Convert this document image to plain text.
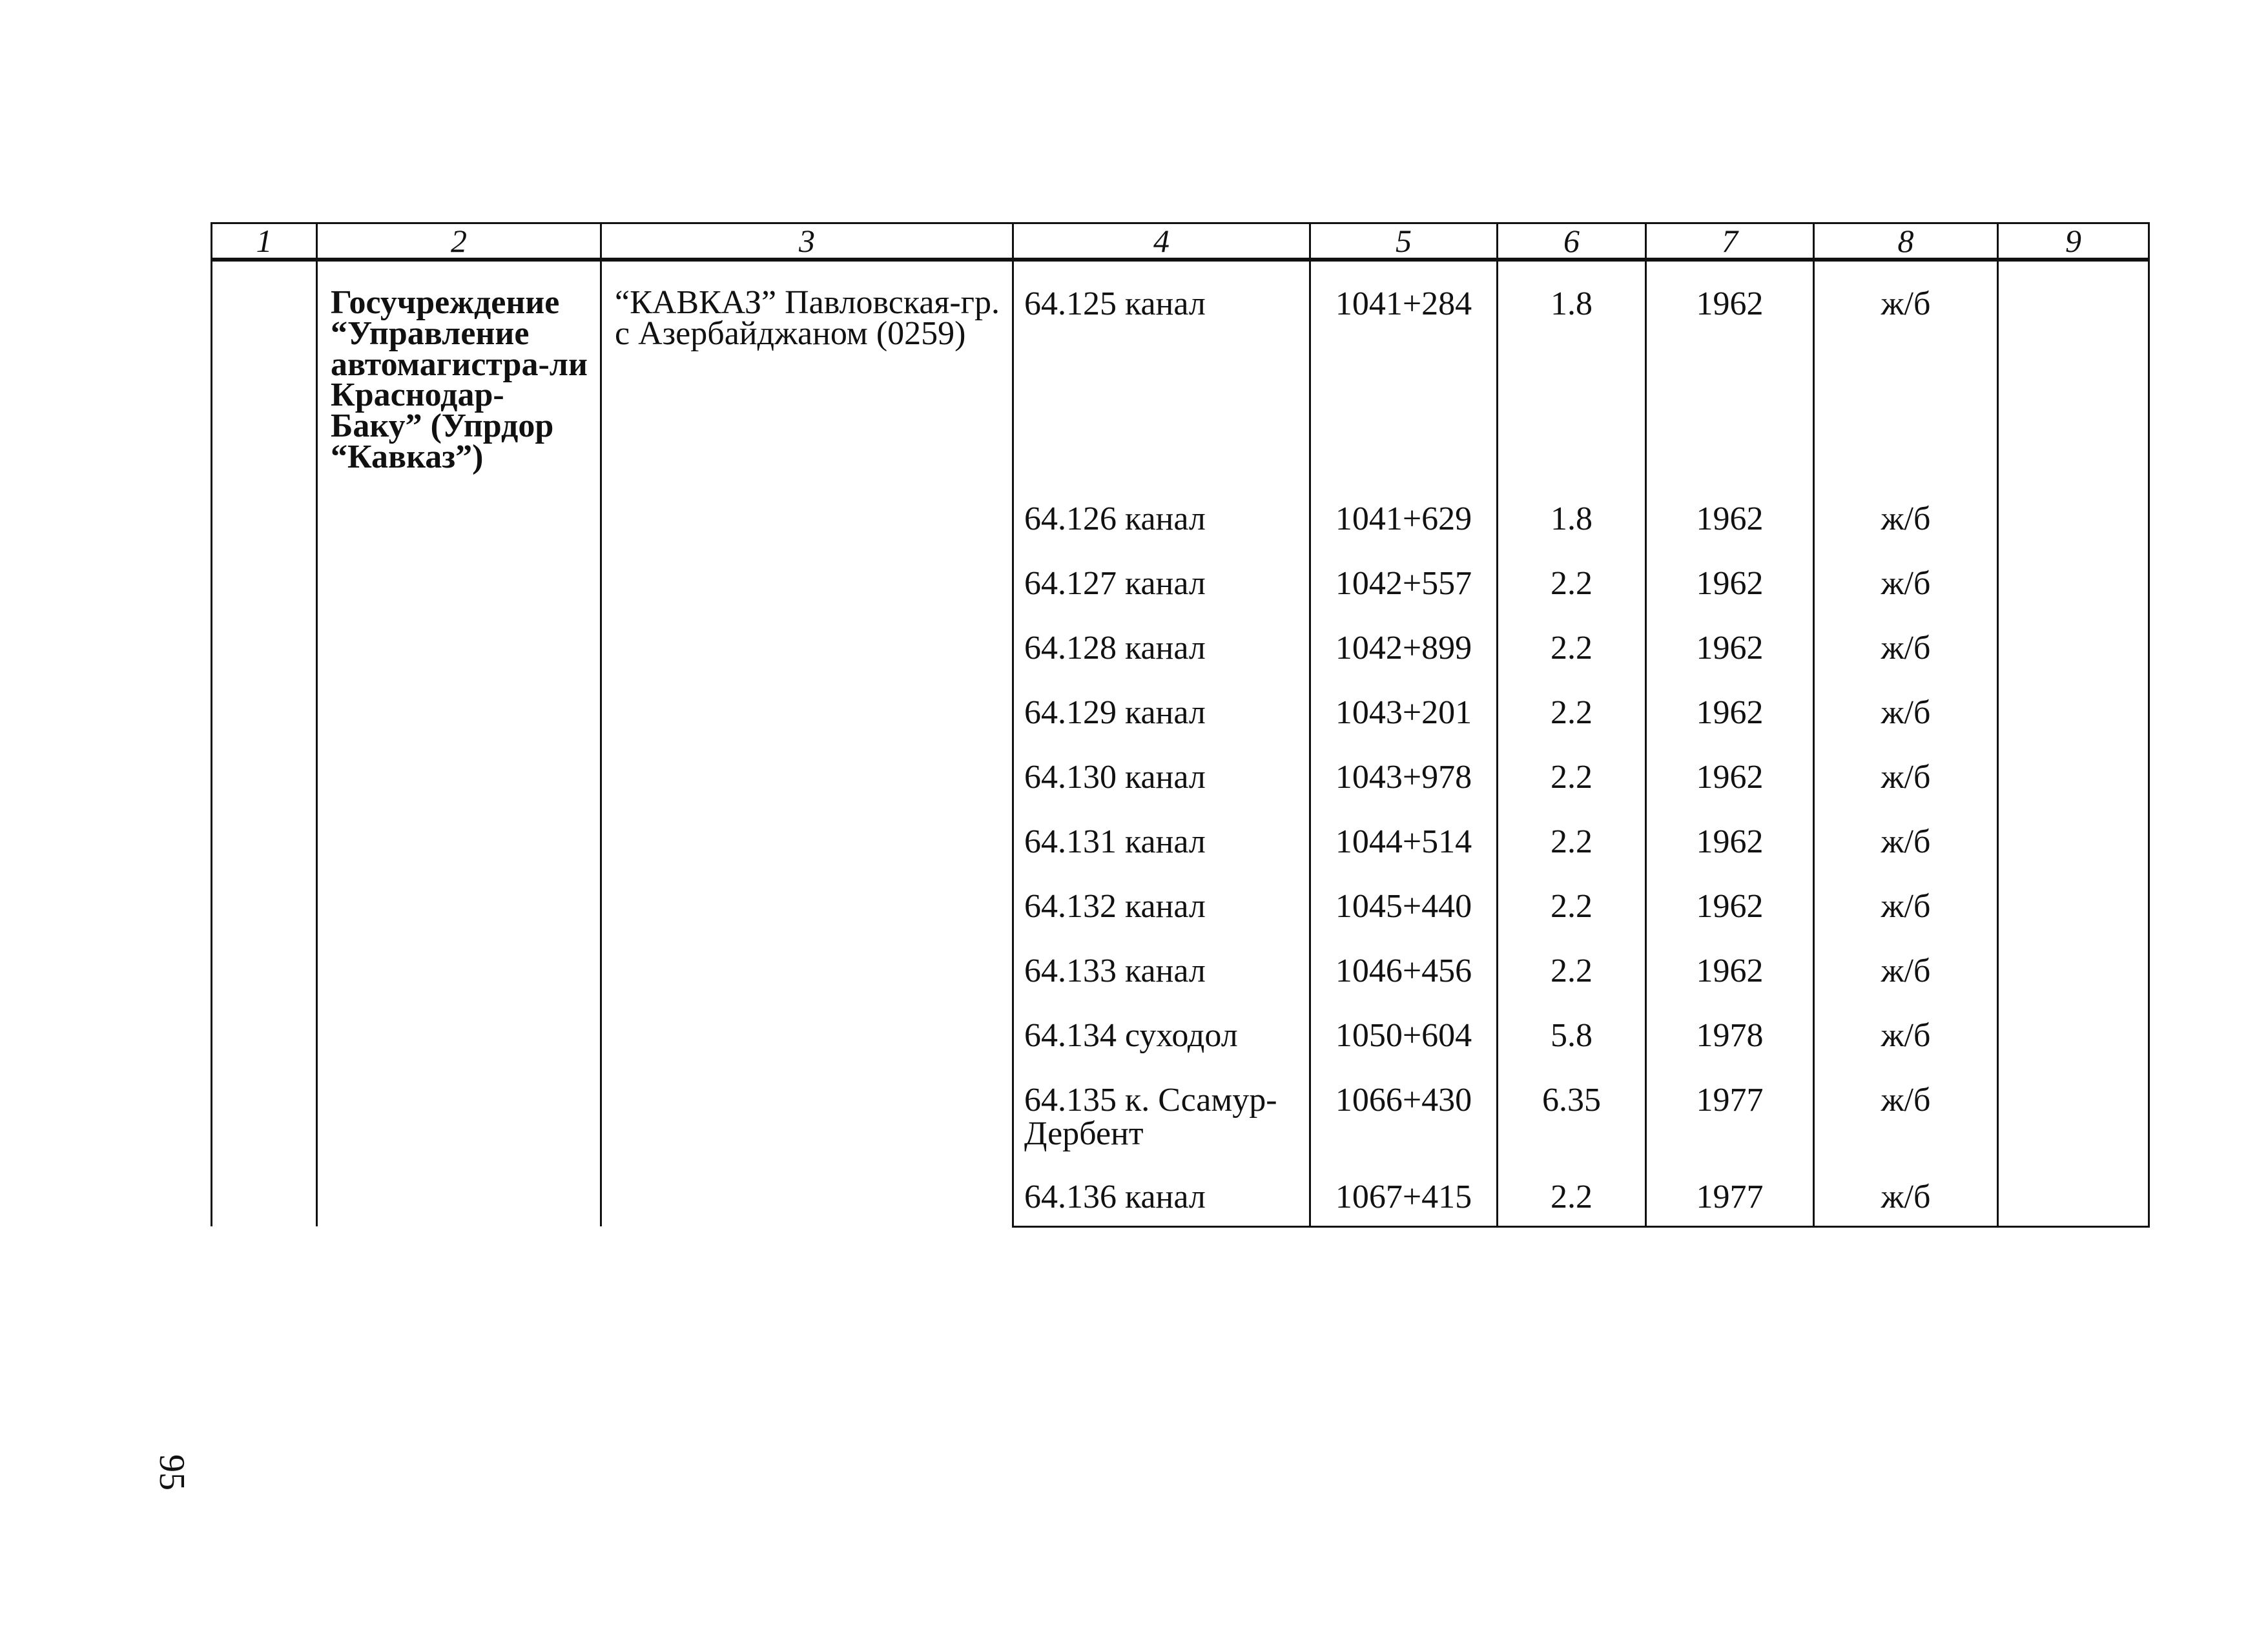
1	2	3	4	5	6	7	8	9
	Госучреждение “Управление автомагистра-ли Краснодар-Баку” (Упрдор “Кавказ”)	“КАВКАЗ” Павловская-гр. с Азербайджаном (0259)	64.125 канал	1041+284	1.8	1962	ж/б	
			64.126 канал	1041+629	1.8	1962	ж/б	
			64.127 канал	1042+557	2.2	1962	ж/б	
			64.128 канал	1042+899	2.2	1962	ж/б	
			64.129 канал	1043+201	2.2	1962	ж/б	
			64.130 канал	1043+978	2.2	1962	ж/б	
			64.131 канал	1044+514	2.2	1962	ж/б	
			64.132 канал	1045+440	2.2	1962	ж/б	
			64.133 канал	1046+456	2.2	1962	ж/б	
			64.134 суходол	1050+604	5.8	1978	ж/б	
			64.135 к. Ссамур-Дербент	1066+430	6.35	1977	ж/б	
			64.136 канал	1067+415	2.2	1977	ж/б	
95
